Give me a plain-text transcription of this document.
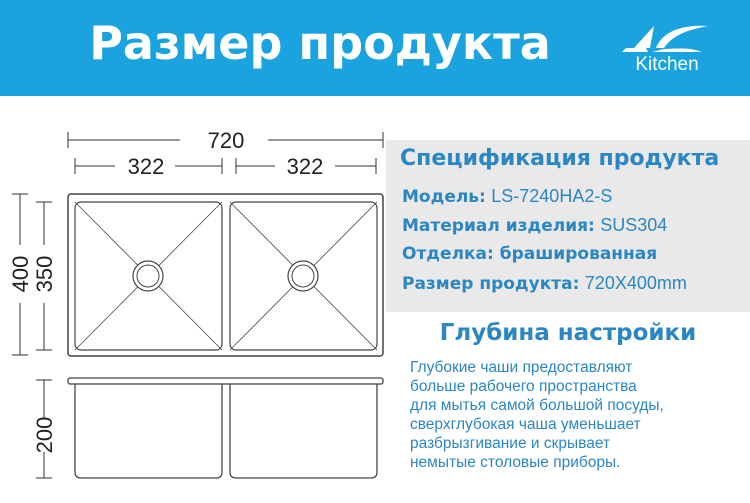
Размер продукта	Kitchen
720
322	322
400 350
200
Спецификация продукта
Модель: LS-7240HA2-S
Материал изделия: SUS304
Отделка: брашированная
Размер продукта: 720X400mm
Глубина настройки
Глубокие чаши предоставляют
больше рабочего пространства
для мытья самой большой посуды,
сверхглубокая чаша уменьшает
разбрызгивание и скрывает
немытые столовые приборы.
